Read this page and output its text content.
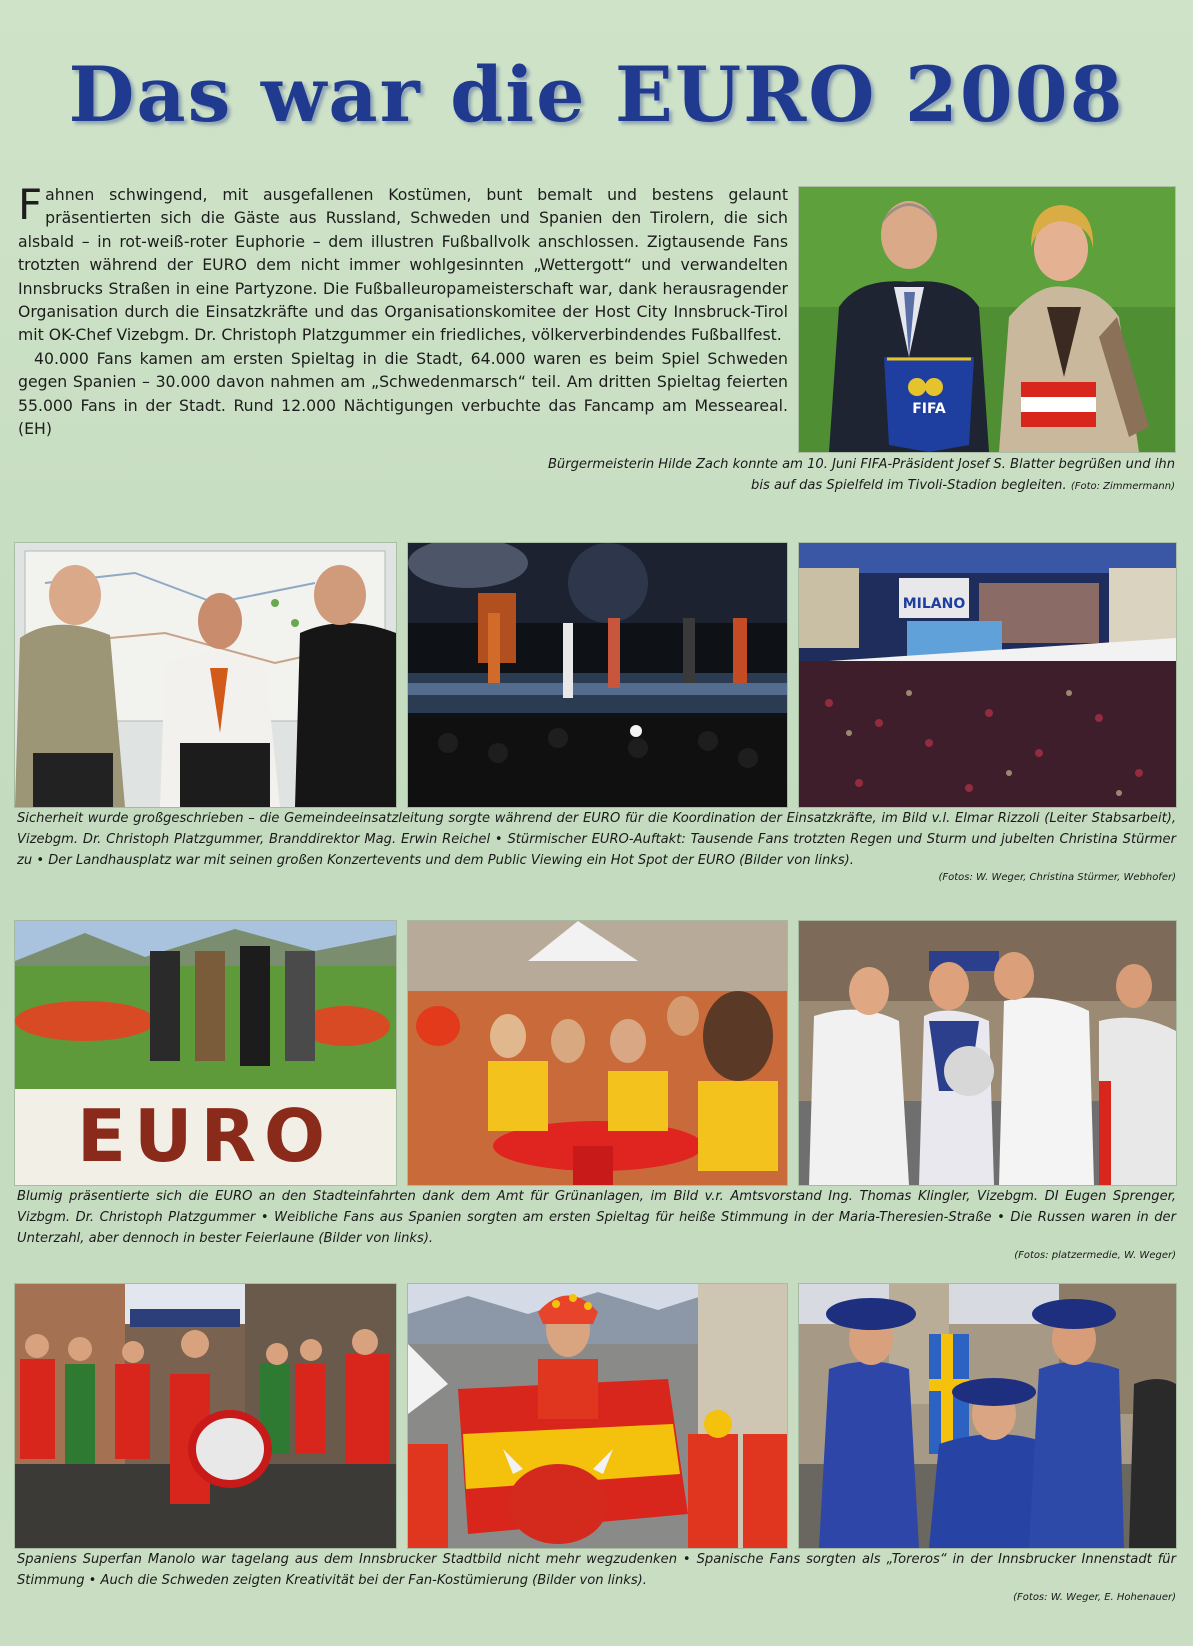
Das war die EURO 2008

Fahnen schwingend, mit ausgefallenen Kostümen, bunt bemalt und bestens gelaunt präsentierten sich die Gäste aus Russland, Schweden und Spanien den Tirolern, die sich alsbald – in rot-weiß-roter Euphorie – dem illustren Fußballvolk anschlossen. Zigtausende Fans trotzten während der EURO dem nicht immer wohlgesinnten „Wettergott“ und verwandelten Innsbrucks Straßen in eine Partyzone. Die Fußballeuropameisterschaft war, dank herausragender Organisation durch die Einsatzkräfte und das Organisationskomitee der Host City Innsbruck-Tirol mit OK-Chef Vizebgm. Dr. Christoph Platzgummer ein friedliches, völkerverbindendes Fußballfest.

40.000 Fans kamen am ersten Spieltag in die Stadt, 64.000 waren es beim Spiel Schweden gegen Spanien – 30.000 davon nahmen am „Schwedenmarsch“ teil. Am dritten Spieltag feierten 55.000 Fans in der Stadt. Rund 12.000 Nächtigungen verbuchte das Fancamp am Messeareal. (EH)

FIFA
Bürgermeisterin Hilde Zach konnte am 10. Juni FIFA-Präsident Josef S. Blatter begrüßen und ihn bis auf das Spielfeld im Tivoli-Stadion begleiten. (Foto: Zimmermann)
MILANO
Sicherheit wurde großgeschrieben – die Gemeindeeinsatzleitung sorgte während der EURO für die Koordination der Einsatzkräfte, im Bild v.l. Elmar Rizzoli (Leiter Stabsarbeit), Vizebgm. Dr. Christoph Platzgummer, Branddirektor Mag. Erwin Reichel • Stürmischer EURO-Auftakt: Tausende Fans trotzten Regen und Sturm und jubelten Christina Stürmer zu • Der Landhausplatz war mit seinen großen Konzertevents und dem Public Viewing ein Hot Spot der EURO (Bilder von links).
(Fotos: W. Weger, Christina Stürmer, Webhofer)
EURO
Blumig präsentierte sich die EURO an den Stadteinfahrten dank dem Amt für Grünanlagen, im Bild v.r. Amtsvorstand Ing. Thomas Klingler, Vizebgm. DI Eugen Sprenger, Vizbgm. Dr. Christoph Platzgummer • Weibliche Fans aus Spanien sorgten am ersten Spieltag für heiße Stimmung in der Maria-Theresien-Straße • Die Russen waren in der Unterzahl, aber dennoch in bester Feierlaune (Bilder von links).
(Fotos: platzermedie, W. Weger)
Spaniens Superfan Manolo war tagelang aus dem Innsbrucker Stadtbild nicht mehr wegzudenken • Spanische Fans sorgten als „Toreros“ in der Innsbrucker Innenstadt für Stimmung • Auch die Schweden zeigten Kreativität bei der Fan-Kostümierung (Bilder von links).
(Fotos: W. Weger, E. Hohenauer)
